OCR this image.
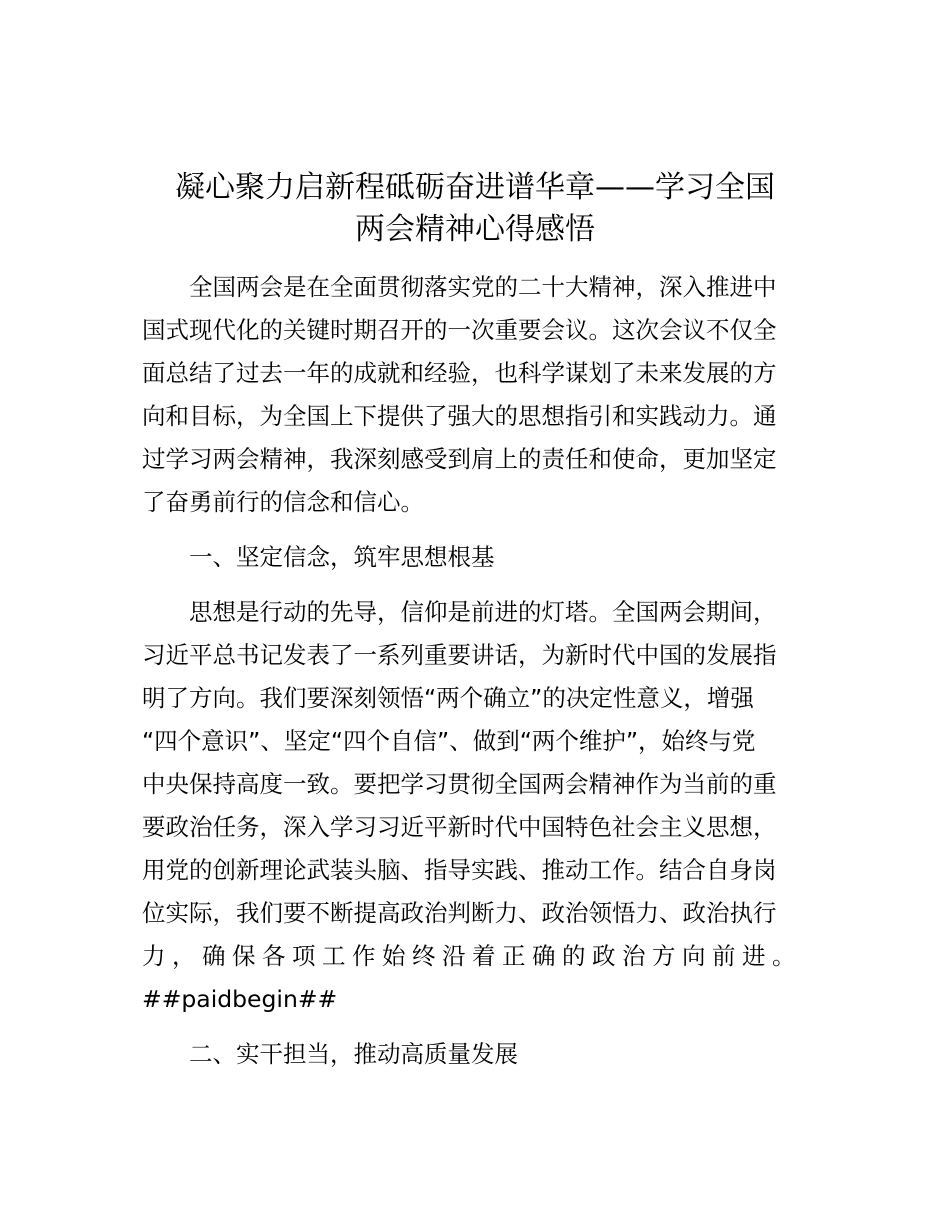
凝心聚力启新程砥砺奋进谱华章——学习全国
两会精神心得感悟
全国两会是在全面贯彻落实党的二十大精神，深入推进中
国式现代化的关键时期召开的一次重要会议。这次会议不仅全
面总结了过去一年的成就和经验，也科学谋划了未来发展的方
向和目标，为全国上下提供了强大的思想指引和实践动力。通
过学习两会精神，我深刻感受到肩上的责任和使命，更加坚定
了奋勇前行的信念和信心。
一、坚定信念，筑牢思想根基
思想是行动的先导，信仰是前进的灯塔。全国两会期间，
习近平总书记发表了一系列重要讲话，为新时代中国的发展指
明了方向。我们要深刻领悟“两个确立”的决定性意义，增强
“四个意识”、坚定“四个自信”、做到“两个维护”，始终与党
中央保持高度一致。要把学习贯彻全国两会精神作为当前的重
要政治任务，深入学习习近平新时代中国特色社会主义思想，
用党的创新理论武装头脑、指导实践、推动工作。结合自身岗
位实际，我们要不断提高政治判断力、政治领悟力、政治执行
力，确保各项工作始终沿着正确的政治方向前进。
##paidbegin##
二、实干担当，推动高质量发展
